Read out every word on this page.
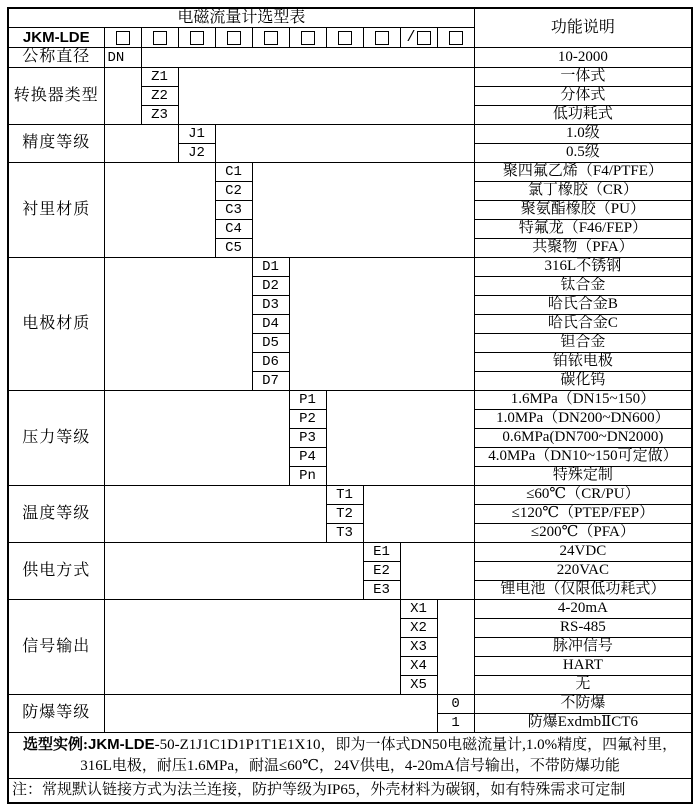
电磁流量计选型表											功能说明
JKM-LDE									/		
公称直径	DN										10-2000
转换器类型		Z1									一体式
		Z2									分体式
		Z3									低功耗式
精度等级			J1								1.0级
			J2								0.5级
衬里材质				C1							聚四氟乙烯（F4/PTFE）
				C2							氯丁橡胶（CR）
				C3							聚氨酯橡胶（PU）
				C4							特氟龙（F46/FEP）
				C5							共聚物（PFA）
电极材质					D1						316L不锈钢
					D2						钛合金
					D3						哈氏合金B
					D4						哈氏合金C
					D5						钽合金
					D6						铂铱电极
					D7						碳化钨
压力等级						P1					1.6MPa（DN15~150）
						P2					1.0MPa（DN200~DN600）
						P3					0.6MPa(DN700~DN2000)
						P4					4.0MPa（DN10~150可定做）
						Pn					特殊定制
温度等级							T1				≤60℃（CR/PU）
							T2				≤120℃（PTEP/FEP）
							T3				≤200℃（PFA）
供电方式								E1			24VDC
								E2			220VAC
								E3			锂电池（仅限低功耗式）
信号输出									X1		4-20mA
									X2		RS-485
									X3		脉冲信号
									X4		HART
									X5		无
防爆等级										0	不防爆
										1	防爆ExdmbⅡCT6
选型实例:JKM-LDE-50-Z1J1C1D1P1T1E1X10，即为一体式DN50电磁流量计,1.0%精度，四氟衬里，
316L电极，耐压1.6MPa，耐温≤60℃，24V供电，4-20mA信号输出，不带防爆功能											
注：常规默认链接方式为法兰连接，防护等级为IP65，外壳材料为碳钢，如有特殊需求可定制											
